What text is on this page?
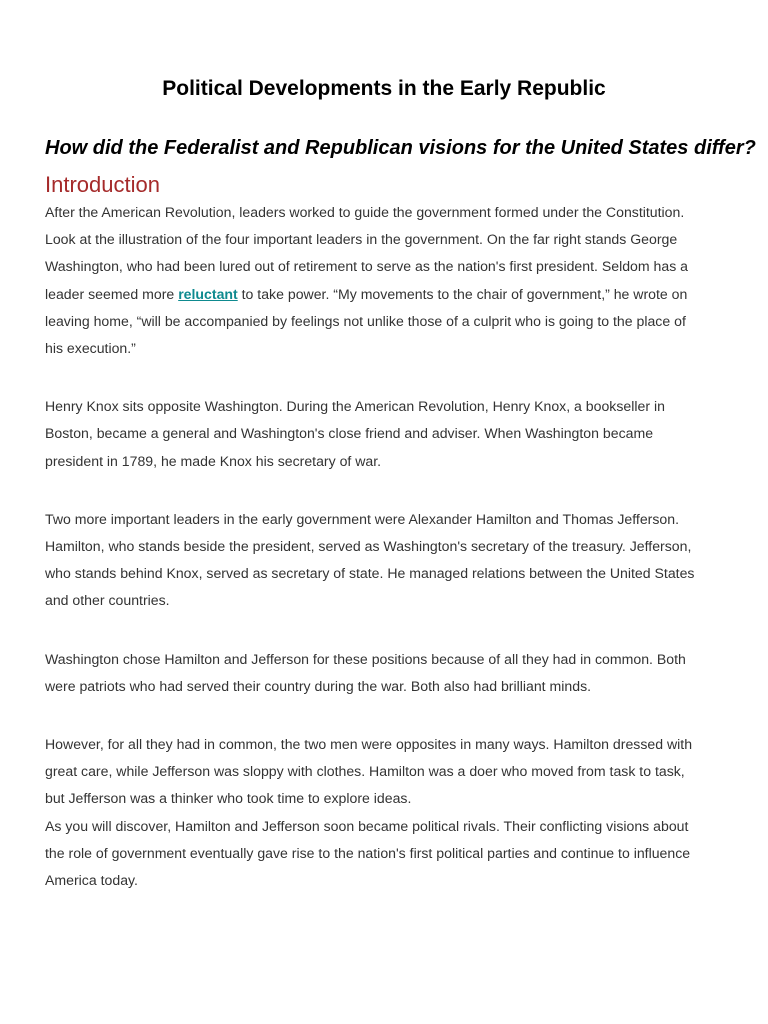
Political Developments in the Early Republic
How did the Federalist and Republican visions for the United States differ?
Introduction

After the American Revolution, leaders worked to guide the government formed under the Constitution.
Look at the illustration of the four important leaders in the government. On the far right stands George
Washington, who had been lured out of retirement to serve as the nation's first president. Seldom has a
leader seemed more reluctant to take power. “My movements to the chair of government,” he wrote on
leaving home, “will be accompanied by feelings not unlike those of a culprit who is going to the place of
his execution.”

Henry Knox sits opposite Washington. During the American Revolution, Henry Knox, a bookseller in
Boston, became a general and Washington's close friend and adviser. When Washington became
president in 1789, he made Knox his secretary of war.

Two more important leaders in the early government were Alexander Hamilton and Thomas Jefferson.
Hamilton, who stands beside the president, served as Washington's secretary of the treasury. Jefferson,
who stands behind Knox, served as secretary of state. He managed relations between the United States
and other countries.

Washington chose Hamilton and Jefferson for these positions because of all they had in common. Both
were patriots who had served their country during the war. Both also had brilliant minds.

However, for all they had in common, the two men were opposites in many ways. Hamilton dressed with
great care, while Jefferson was sloppy with clothes. Hamilton was a doer who moved from task to task,
but Jefferson was a thinker who took time to explore ideas.

As you will discover, Hamilton and Jefferson soon became political rivals. Their conflicting visions about
the role of government eventually gave rise to the nation's first political parties and continue to influence
America today.
